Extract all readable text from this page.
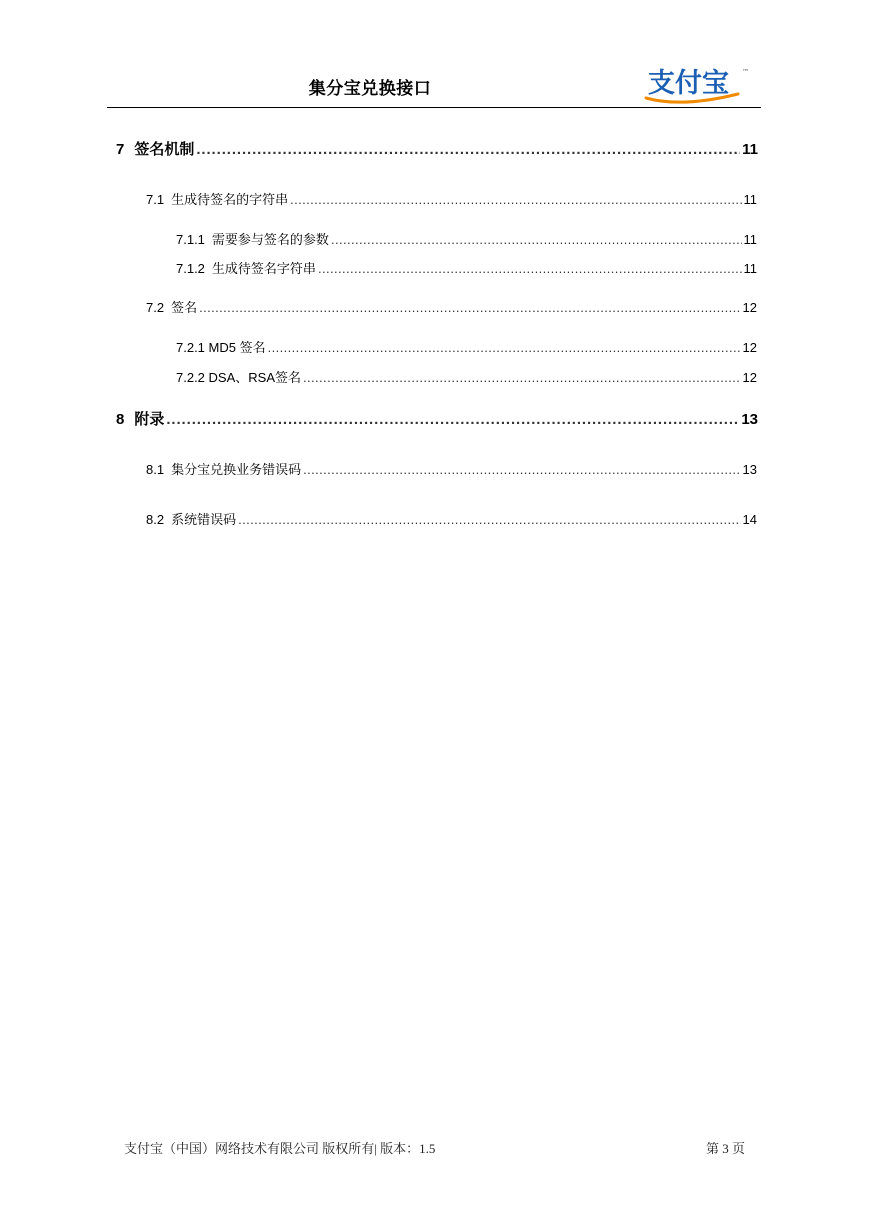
集分宝兑换接口	支付宝 ™
7 签名机制 .....	11
7.1 生成待签名的字符串 .....	11
7.1.1 需要参与签名的参数 .....	11
7.1.2 生成待签名字符串 .....	11
7.2 签名 .....	12
7.2.1 MD5 签名 .....	12
7.2.2 DSA、RSA签名 .....	12
8 附录 .....	13
8.1 集分宝兑换业务错误码 .....	13
8.2 系统错误码 .....	14
支付宝（中国）网络技术有限公司 版权所有| 版本：1.5	第 3 页
